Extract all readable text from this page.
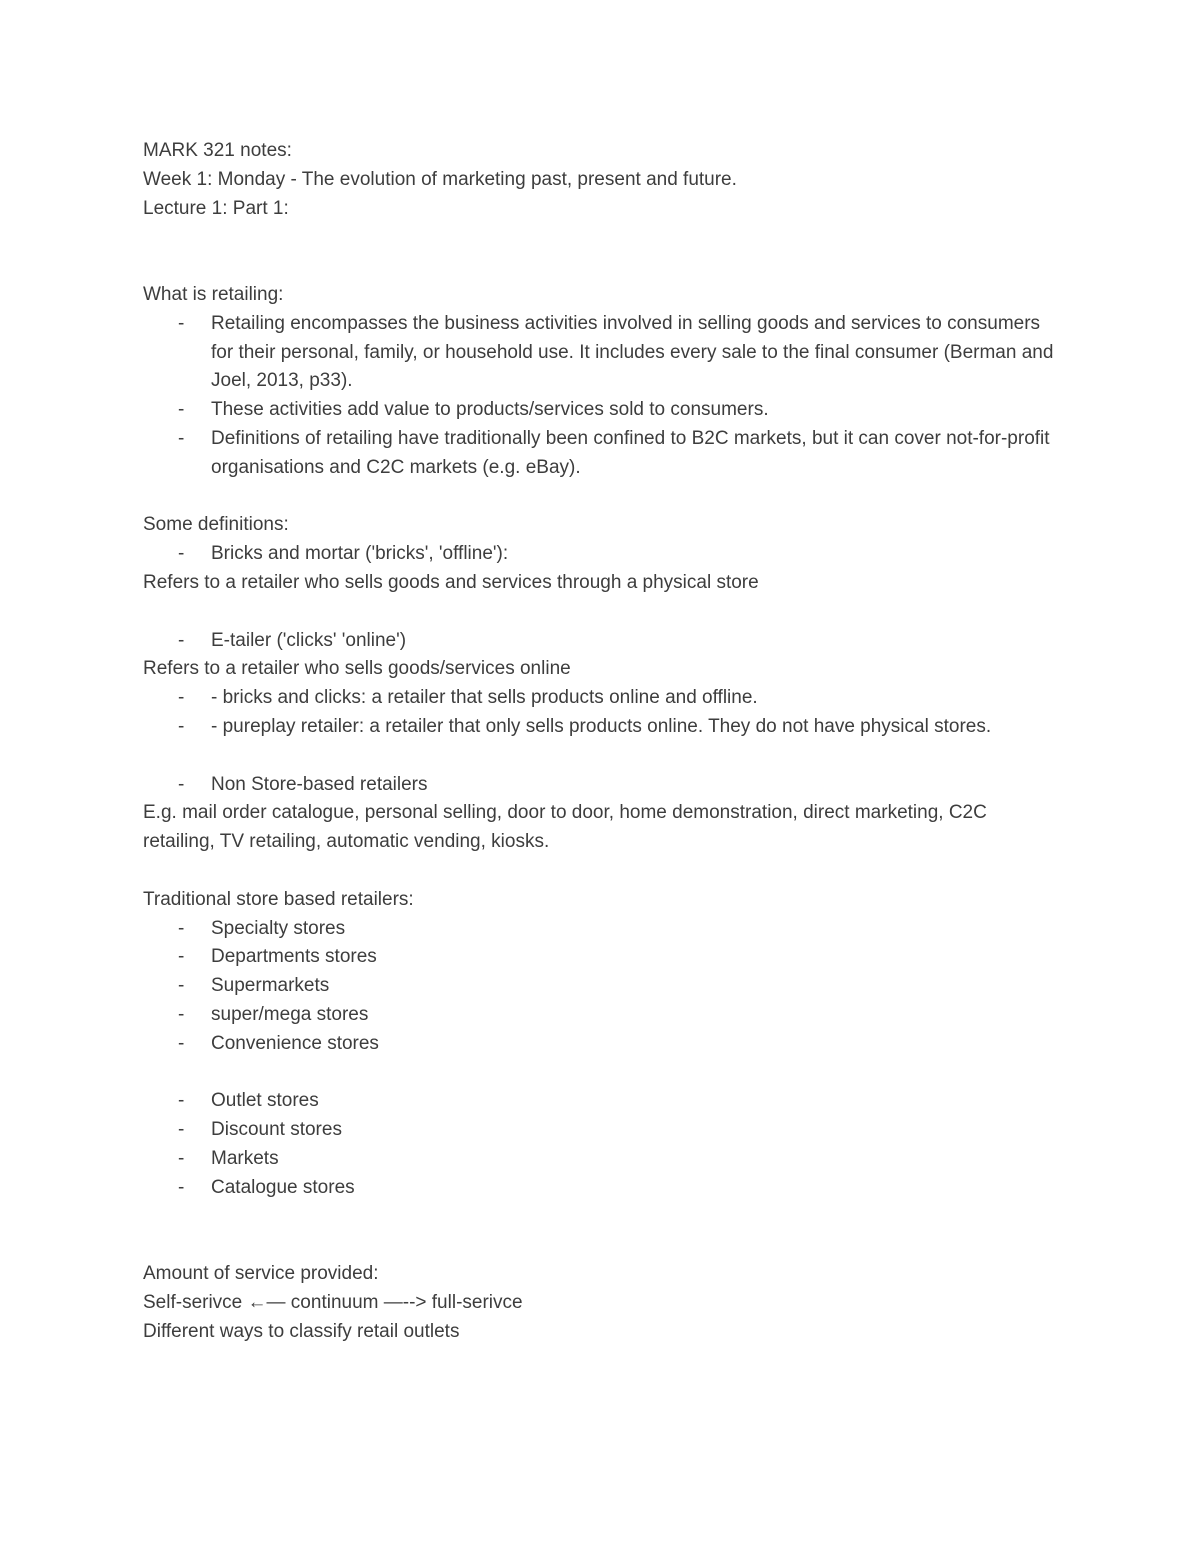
MARK 321 notes:

Week 1: Monday - The evolution of marketing past, present and future.

Lecture 1: Part 1:

What is retailing:

-	Retailing encompasses the business activities involved in selling goods and services to consumers for their personal, family, or household use. It includes every sale to the final consumer (Berman and Joel, 2013, p33).
-	These activities add value to products/services sold to consumers.
-	Definitions of retailing have traditionally been confined to B2C markets, but it can cover not-for-profit organisations and C2C markets (e.g. eBay).

Some definitions:

-	Bricks and mortar ('bricks', 'offline'):

Refers to a retailer who sells goods and services through a physical store

-	E-tailer ('clicks' 'online')

Refers to a retailer who sells goods/services online

-	- bricks and clicks: a retailer that sells products online and offline.
-	- pureplay retailer: a retailer that only sells products online. They do not have physical stores.
-	Non Store-based retailers

E.g. mail order catalogue, personal selling, door to door, home demonstration, direct marketing, C2C retailing, TV retailing, automatic vending, kiosks.

Traditional store based retailers:

-	Specialty stores
-	Departments stores
-	Supermarkets
-	super/mega stores
-	Convenience stores
-	Outlet stores
-	Discount stores
-	Markets
-	Catalogue stores

Amount of service provided:

Self-serivce ←— continuum —--> full-serivce

Different ways to classify retail outlets
